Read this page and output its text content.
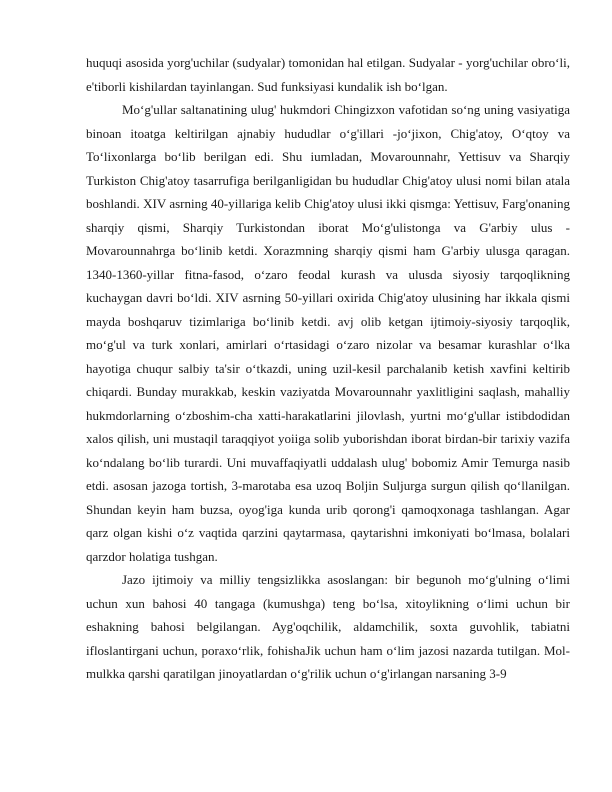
huquqi asosida yorg'uchilar (sudyalar) tomonidan hal etilgan. Sudyalar - yorg'uchilar obro‘li, e'tiborli kishilardan tayinlangan. Sud funksiyasi kundalik ish bo‘lgan.

Mo‘g'ullar saltanatining ulug' hukmdori Chingizxon vafotidan so‘ng uning vasiyatiga binoan itoatga keltirilgan ajnabiy hududlar o‘g'illari -jo‘jixon, Chig'atoy, O‘qtoy va To‘lixonlarga bo‘lib berilgan edi. Shu iumladan, Movarounnahr, Yettisuv va Sharqiy Turkiston Chig'atoy tasarrufiga berilganligidan bu hududlar Chig'atoy ulusi nomi bilan atala boshlandi. XIV asrning 40-yillariga kelib Chig'atoy ulusi ikki qismga: Yettisuv, Farg'onaning sharqiy qismi, Sharqiy Turkistondan iborat Mo‘g'ulistonga va G'arbiy ulus - Movarounnahrga bo‘linib ketdi. Xorazmning sharqiy qismi ham G'arbiy ulusga qaragan. 1340-1360-yillar fitna-fasod, o‘zaro feodal kurash va ulusda siyosiy tarqoqlikning kuchaygan davri bo‘ldi. XIV asrning 50-yillari oxirida Chig'atoy ulusining har ikkala qismi mayda boshqaruv tizimlariga bo‘linib ketdi. avj olib ketgan ijtimoiy-siyosiy tarqoqlik, mo‘g'ul va turk xonlari, amirlari o‘rtasidagi o‘zaro nizolar va besamar kurashlar o‘lka hayotiga chuqur salbiy ta'sir o‘tkazdi, uning uzil-kesil parchalanib ketish xavfini keltirib chiqardi. Bunday murakkab, keskin vaziyatda Movarounnahr yaxlitligini saqlash, mahalliy hukmdorlarning o‘zboshim-cha xatti-harakatlarini jilovlash, yurtni mo‘g'ullar istibdodidan xalos qilish, uni mustaqil taraqqiyot yoiiga solib yuborishdan iborat birdan-bir tarixiy vazifa ko‘ndalang bo‘lib turardi. Uni muvaffaqiyatli uddalash ulug' bobomiz Amir Temurga nasib etdi. asosan jazoga tortish, 3-marotaba esa uzoq Boljin Suljurga surgun qilish qo‘llanilgan. Shundan keyin ham buzsa, oyog'iga kunda urib qorong'i qamoqxonaga tashlangan. Agar qarz olgan kishi o‘z vaqtida qarzini qaytarmasa, qaytarishni imkoniyati bo‘lmasa, bolalari qarzdor holatiga tushgan.

Jazo ijtimoiy va milliy tengsizlikka asoslangan: bir begunoh mo‘g'ulning o‘limi uchun xun bahosi 40 tangaga (kumushga) teng bo‘lsa, xitoylikning o‘limi uchun bir eshakning bahosi belgilangan. Ayg'oqchilik, aldamchilik, soxta guvohlik, tabiatni ifloslantirgani uchun, poraxo‘rlik, fohishaJik uchun ham o‘lim jazosi nazarda tutilgan. Mol-mulkka qarshi qaratilgan jinoyatlardan o‘g'rilik uchun o‘g'irlangan narsaning 3-9
